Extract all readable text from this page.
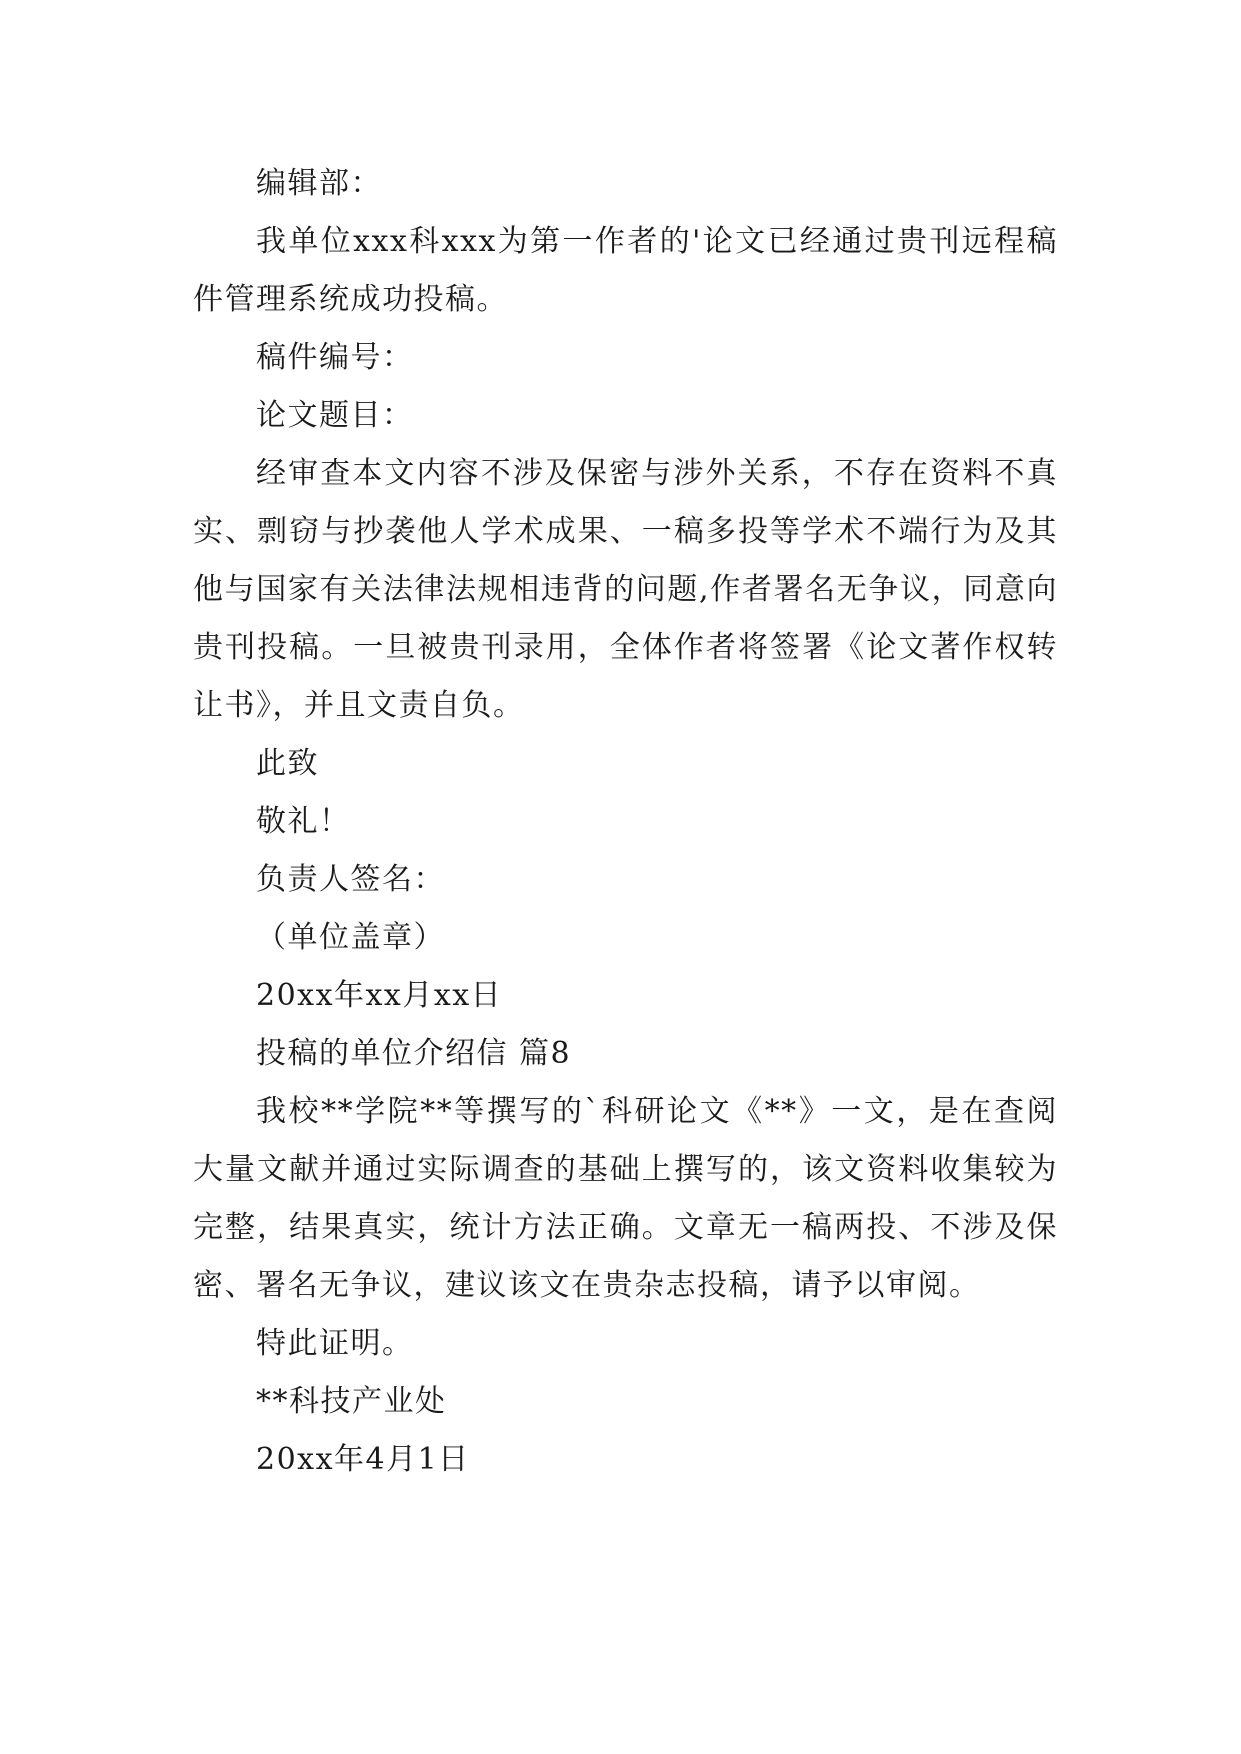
编辑部：

我单位xxx科xxx为第一作者的'论文已经通过贵刊远程稿件管理系统成功投稿。

稿件编号：

论文题目：

经审查本文内容不涉及保密与涉外关系，不存在资料不真实、剽窃与抄袭他人学术成果、一稿多投等学术不端行为及其他与国家有关法律法规相违背的问题,作者署名无争议，同意向贵刊投稿。一旦被贵刊录用，全体作者将签署《论文著作权转让书》，并且文责自负。

此致

敬礼！

负责人签名：

（单位盖章）

20xx年xx月xx日

投稿的单位介绍信 篇8

我校**学院**等撰写的`科研论文《**》一文，是在查阅大量文献并通过实际调查的基础上撰写的，该文资料收集较为完整，结果真实，统计方法正确。文章无一稿两投、不涉及保密、署名无争议，建议该文在贵杂志投稿，请予以审阅。

特此证明。

**科技产业处

20xx年4月1日
